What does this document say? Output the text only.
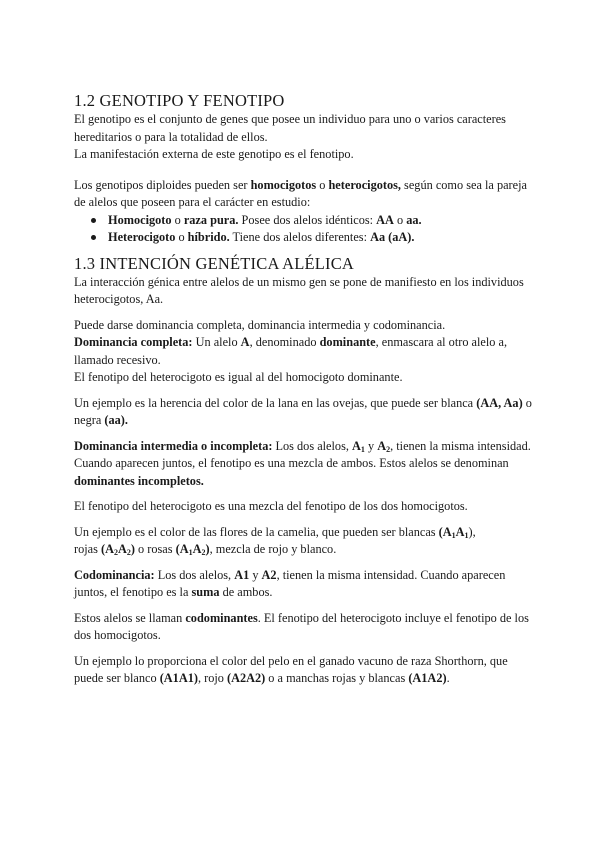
1.2 GENOTIPO Y FENOTIPO

El genotipo es el conjunto de genes que posee un individuo para uno o varios caracteres hereditarios o para la totalidad de ellos.

La manifestación externa de este genotipo es el fenotipo.

Los genotipos diploides pueden ser homocigotos o heterocigotos, según como sea la pareja de alelos que poseen para el carácter en estudio:

Homocigoto o raza pura. Posee dos alelos idénticos: AA o aa.
Heterocigoto o híbrido. Tiene dos alelos diferentes: Aa (aA).
1.3 INTENCIÓN GENÉTICA ALÉLICA

La interacción génica entre alelos de un mismo gen se pone de manifiesto en los individuos heterocigotos, Aa.

Puede darse dominancia completa, dominancia intermedia y codominancia.

Dominancia completa: Un alelo A, denominado dominante, enmascara al otro alelo a, llamado recesivo.

El fenotipo del heterocigoto es igual al del homocigoto dominante.

Un ejemplo es la herencia del color de la lana en las ovejas, que puede ser blanca (AA, Aa) o negra (aa).

Dominancia intermedia o incompleta: Los dos alelos, $A_1$ y $A_2$, tienen la misma intensidad. Cuando aparecen juntos, el fenotipo es una mezcla de ambos. Estos alelos se denominan dominantes incompletos.

El fenotipo del heterocigoto es una mezcla del fenotipo de los dos homocigotos.

Un ejemplo es el color de las flores de la camelia, que pueden ser blancas $(A_1A_1)$,
rojas $(A_2A_2)$ o rosas $(A_1A_2)$, mezcla de rojo y blanco.

Codominancia: Los dos alelos, A1 y A2, tienen la misma intensidad. Cuando aparecen juntos, el fenotipo es la suma de ambos.

Estos alelos se llaman codominantes. El fenotipo del heterocigoto incluye el fenotipo de los dos homocigotos.

Un ejemplo lo proporciona el color del pelo en el ganado vacuno de raza Shorthorn, que puede ser blanco (A1A1), rojo (A2A2) o a manchas rojas y blancas (A1A2).
